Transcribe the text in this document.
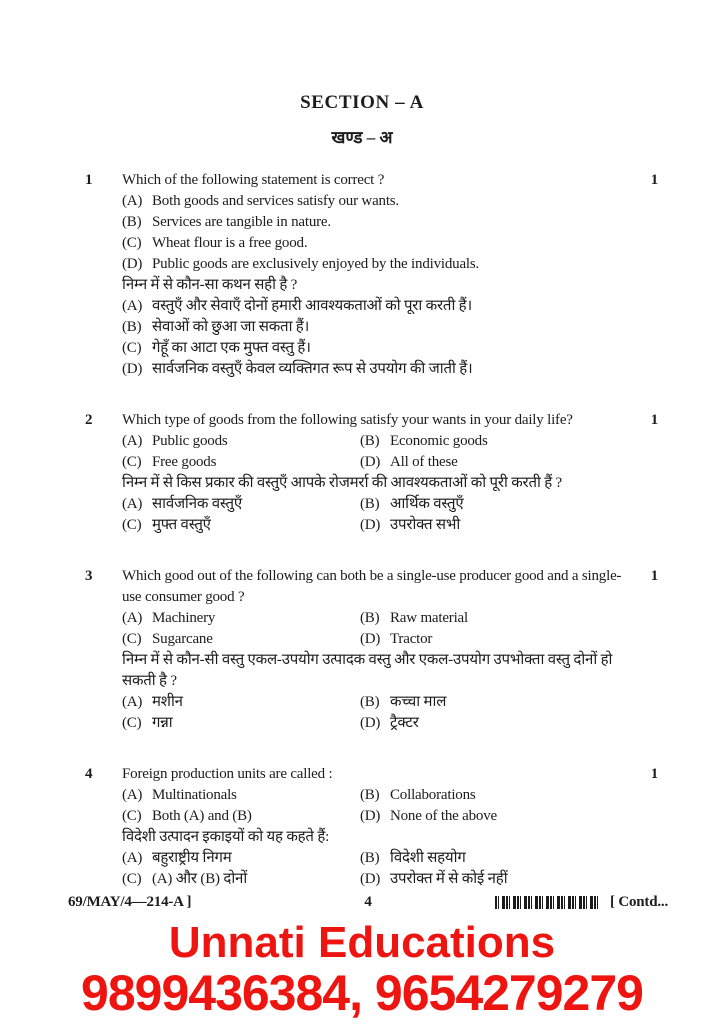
SECTION – A
खण्ड – अ
1	Which of the following statement is correct ?
(A) Both goods and services satisfy our wants.
(B) Services are tangible in nature.
(C) Wheat flour is a free good.
(D) Public goods are exclusively enjoyed by the individuals.
निम्न में से कौन-सा कथन सही है ?
(A) वस्तुएँ और सेवाएँ दोनों हमारी आवश्यकताओं को पूरा करती हैं।
(B) सेवाओं को छुआ जा सकता हैं।
(C) गेहूँ का आटा एक मुफ्त वस्तु हैं।
(D) सार्वजनिक वस्तुएँ केवल व्यक्तिगत रूप से उपयोग की जाती हैं।
1
2	Which type of goods from the following satisfy your wants in your daily life?
(A) Public goods	(B) Economic goods
(C) Free goods	(D) All of these
निम्न में से किस प्रकार की वस्तुएँ आपके रोजमर्रा की आवश्यकताओं को पूरी करती हैं ?
(A) सार्वजनिक वस्तुएँ	(B) आर्थिक वस्तुएँ
(C) मुफ्त वस्तुएँ	(D) उपरोक्त सभी
1
3	Which good out of the following can both be a single-use producer good and a single-use consumer good ?
(A) Machinery	(B) Raw material
(C) Sugarcane	(D) Tractor
निम्न में से कौन-सी वस्तु एकल-उपयोग उत्पादक वस्तु और एकल-उपयोग उपभोक्ता वस्तु दोनों हो सकती है ?
(A) मशीन	(B) कच्चा माल
(C) गन्ना	(D) ट्रैक्टर
1
4	Foreign production units are called :
(A) Multinationals	(B) Collaborations
(C) Both (A) and (B)	(D) None of the above
विदेशी उत्पादन इकाइयों को यह कहते हैं:
(A) बहुराष्ट्रीय निगम	(B) विदेशी सहयोग
(C) (A) और (B) दोनों	(D) उपरोक्त में से कोई नहीं
1
69/MAY/4—214-A ]	4	[ Contd...
Unnati Educations
9899436384, 9654279279
